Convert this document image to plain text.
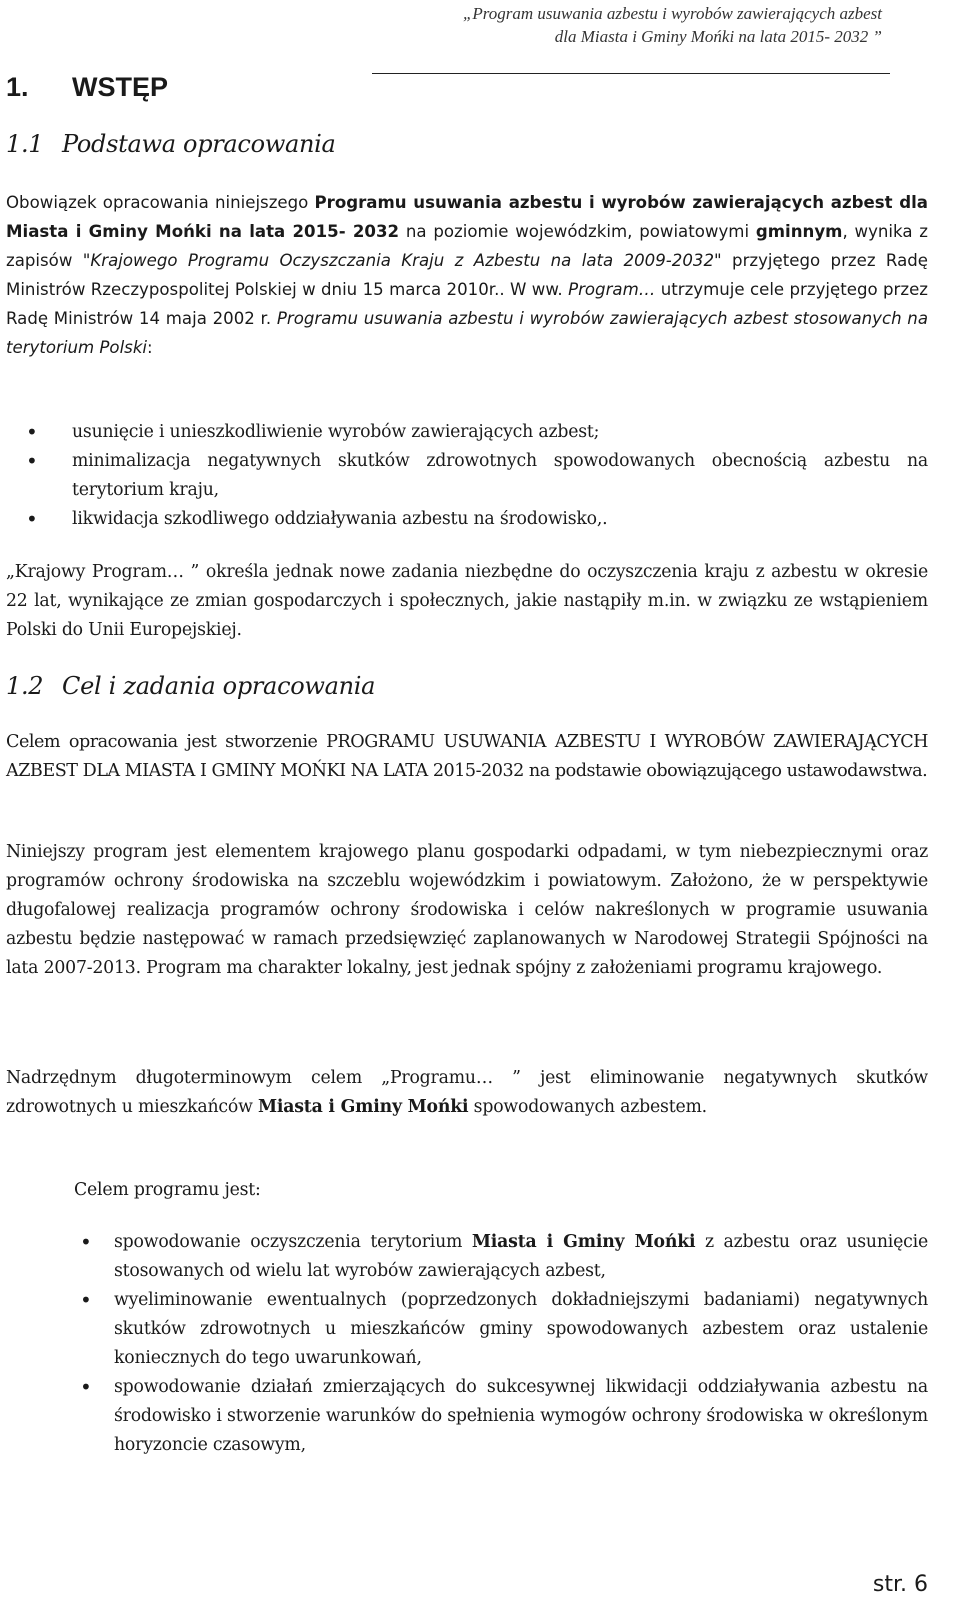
„Program usuwania azbestu i wyrobów zawierających azbest
dla Miasta i Gminy Mońki na lata 2015- 2032 ”
1. WSTĘP
1.1 Podstawa opracowania

Obowiązek opracowania niniejszego Programu usuwania azbestu i wyrobów zawierających azbest dla Miasta i Gminy Mońki na lata 2015- 2032 na poziomie wojewódzkim, powiatowymi gminnym, wynika z zapisów "Krajowego Programu Oczyszczania Kraju z Azbestu na lata 2009-2032" przyjętego przez Radę Ministrów Rzeczypospolitej Polskiej w dniu 15 marca 2010r.. W ww. Program… utrzymuje cele przyjętego przez Radę Ministrów 14 maja 2002 r. Programu usuwania azbestu i wyrobów zawierających azbest stosowanych na terytorium Polski:

• usunięcie i unieszkodliwienie wyrobów zawierających azbest;
• minimalizacja negatywnych skutków zdrowotnych spowodowanych obecnością azbestu na terytorium kraju,
• likwidacja szkodliwego oddziaływania azbestu na środowisko,.

„Krajowy Program… ” określa jednak nowe zadania niezbędne do oczyszczenia kraju z azbestu w okresie 22 lat, wynikające ze zmian gospodarczych i społecznych, jakie nastąpiły m.in. w związku ze wstąpieniem Polski do Unii Europejskiej.

1.2 Cel i zadania opracowania

Celem opracowania jest stworzenie PROGRAMU USUWANIA AZBESTU I WYROBÓW ZAWIERAJĄCYCH AZBEST DLA MIASTA I GMINY MOŃKI NA LATA 2015-2032 na podstawie obowiązującego ustawodawstwa.

Niniejszy program jest elementem krajowego planu gospodarki odpadami, w tym niebezpiecznymi oraz programów ochrony środowiska na szczeblu wojewódzkim i powiatowym. Założono, że w perspektywie długofalowej realizacja programów ochrony środowiska i celów nakreślonych w programie usuwania azbestu będzie następować w ramach przedsięwzięć zaplanowanych w Narodowej Strategii Spójności na lata 2007-2013. Program ma charakter lokalny, jest jednak spójny z założeniami programu krajowego.

Nadrzędnym długoterminowym celem „Programu… ” jest eliminowanie negatywnych skutków zdrowotnych u mieszkańców Miasta i Gminy Mońki spowodowanych azbestem.

Celem programu jest:

• spowodowanie oczyszczenia terytorium Miasta i Gminy Mońki z azbestu oraz usunięcie stosowanych od wielu lat wyrobów zawierających azbest,
• wyeliminowanie ewentualnych (poprzedzonych dokładniejszymi badaniami) negatywnych skutków zdrowotnych u mieszkańców gminy spowodowanych azbestem oraz ustalenie koniecznych do tego uwarunkowań,
• spowodowanie działań zmierzających do sukcesywnej likwidacji oddziaływania azbestu na środowisko i stworzenie warunków do spełnienia wymogów ochrony środowiska w określonym horyzoncie czasowym,
str. 6
